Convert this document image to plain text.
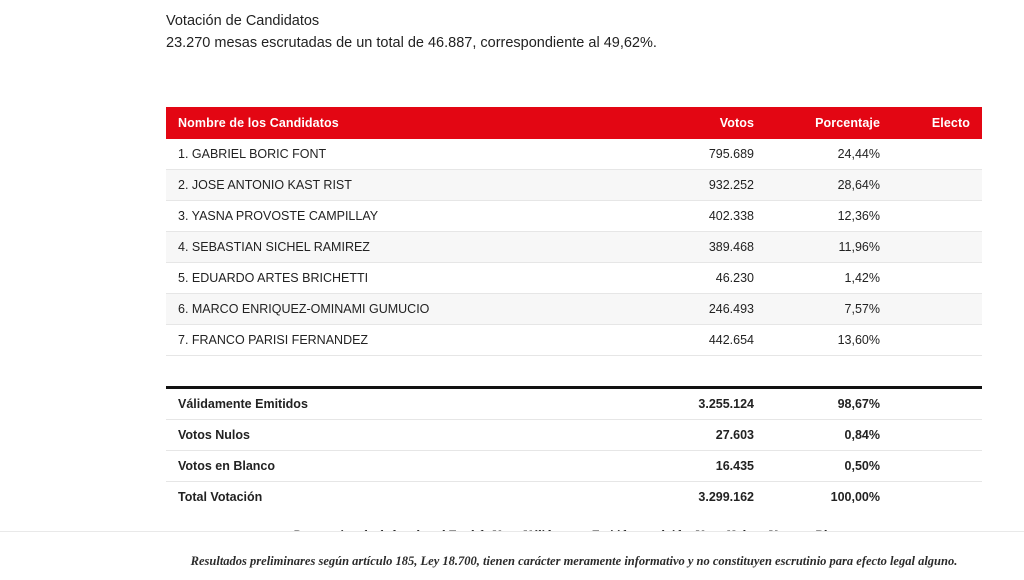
Votación de Candidatos
23.270 mesas escrutadas de un total de 46.887, correspondiente al 49,62%.
Nombre de los Candidatos	Votos	Porcentaje	Electo
1. GABRIEL BORIC FONT	795.689	24,44%	
2. JOSE ANTONIO KAST RIST	932.252	28,64%	
3. YASNA PROVOSTE CAMPILLAY	402.338	12,36%	
4. SEBASTIAN SICHEL RAMIREZ	389.468	11,96%	
5. EDUARDO ARTES BRICHETTI	46.230	1,42%	
6. MARCO ENRIQUEZ-OMINAMI GUMUCIO	246.493	7,57%	
7. FRANCO PARISI FERNANDEZ	442.654	13,60%	
Válidamente Emitidos	3.255.124	98,67%	
Votos Nulos	27.603	0,84%	
Votos en Blanco	16.435	0,50%	
Total Votación	3.299.162	100,00%	
Resultados preliminares según artículo 185, Ley 18.700, tienen carácter meramente informativo y no constituyen escrutinio para efecto legal alguno.
